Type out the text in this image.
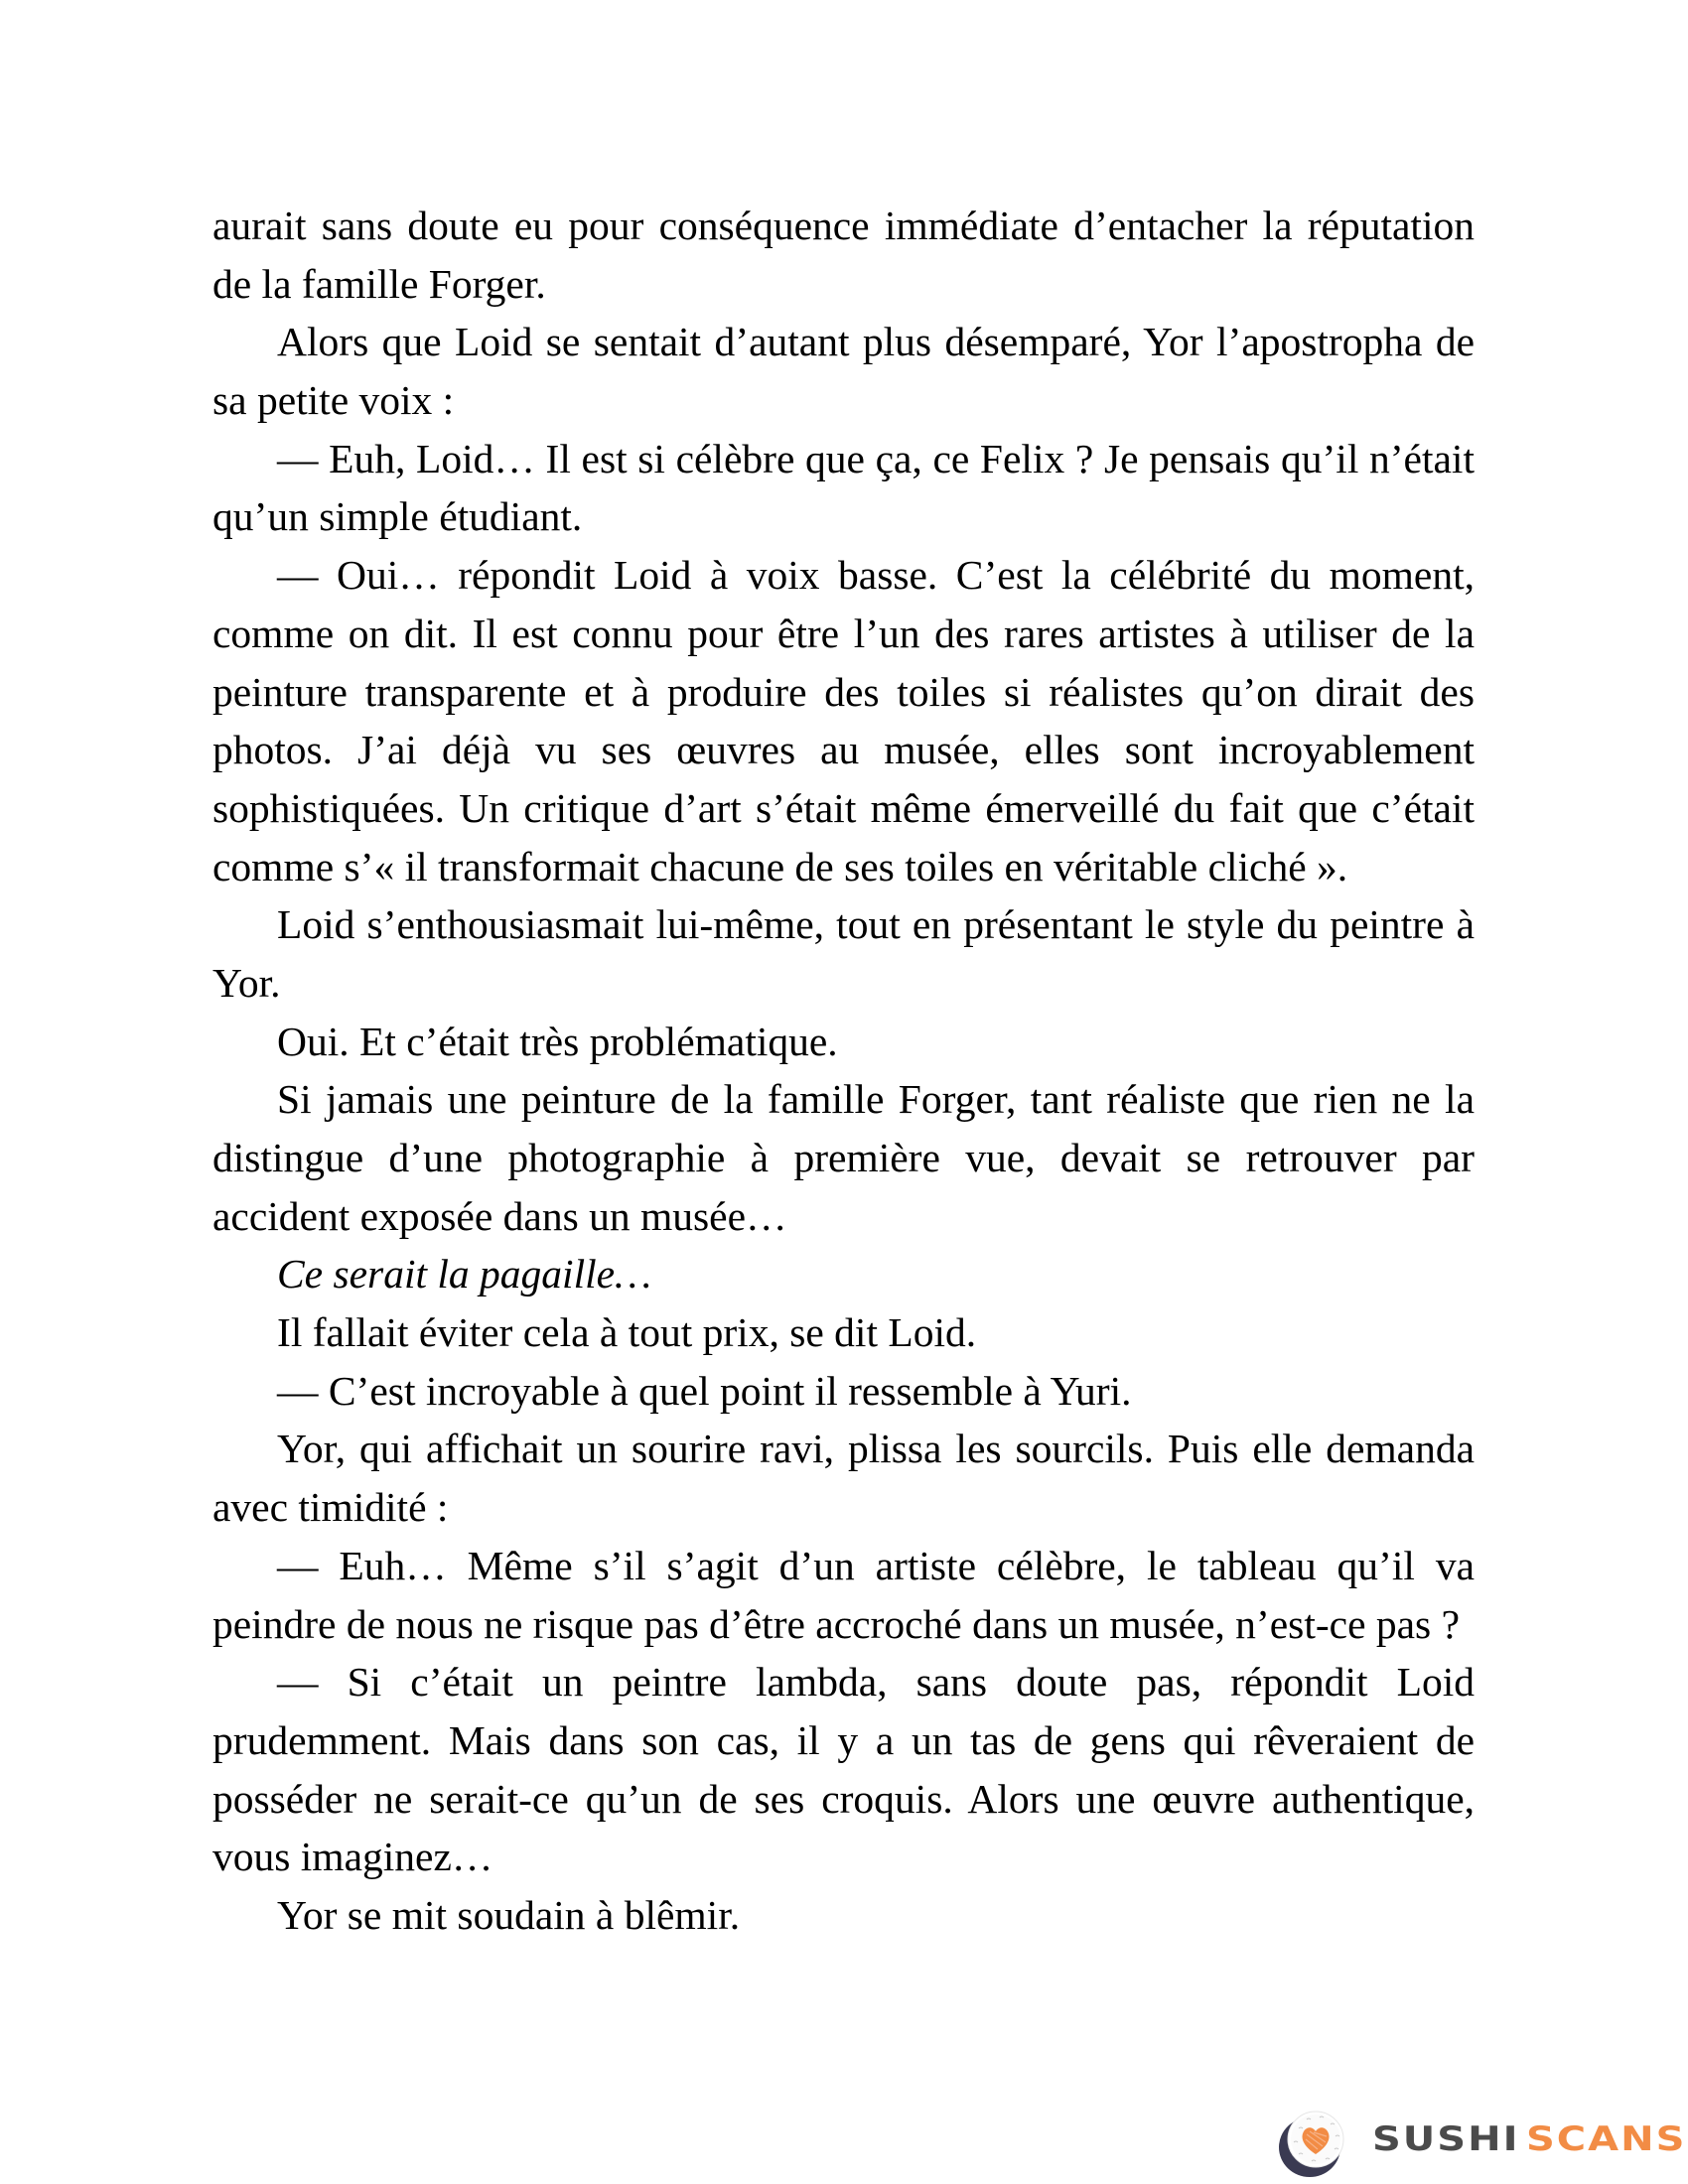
aurait sans doute eu pour conséquence immédiate d’entacher la réputation
de la famille Forger.
Alors que Loid se sentait d’autant plus désemparé, Yor l’apostropha de
sa petite voix :
— Euh, Loid… Il est si célèbre que ça, ce Felix ? Je pensais qu’il n’était
qu’un simple étudiant.
— Oui… répondit Loid à voix basse. C’est la célébrité du moment,
comme on dit. Il est connu pour être l’un des rares artistes à utiliser de la
peinture transparente et à produire des toiles si réalistes qu’on dirait des
photos. J’ai déjà vu ses œuvres au musée, elles sont incroyablement
sophistiquées. Un critique d’art s’était même émerveillé du fait que c’était
comme s’« il transformait chacune de ses toiles en véritable cliché ».
Loid s’enthousiasmait lui-même, tout en présentant le style du peintre à
Yor.
Oui. Et c’était très problématique.
Si jamais une peinture de la famille Forger, tant réaliste que rien ne la
distingue d’une photographie à première vue, devait se retrouver par
accident exposée dans un musée…
Ce serait la pagaille…
Il fallait éviter cela à tout prix, se dit Loid.
— C’est incroyable à quel point il ressemble à Yuri.
Yor, qui affichait un sourire ravi, plissa les sourcils. Puis elle demanda
avec timidité :
— Euh… Même s’il s’agit d’un artiste célèbre, le tableau qu’il va
peindre de nous ne risque pas d’être accroché dans un musée, n’est-ce pas ?
— Si c’était un peintre lambda, sans doute pas, répondit Loid
prudemment. Mais dans son cas, il y a un tas de gens qui rêveraient de
posséder ne serait-ce qu’un de ses croquis. Alors une œuvre authentique,
vous imaginez…
Yor se mit soudain à blêmir.
SUSHI SCANS
